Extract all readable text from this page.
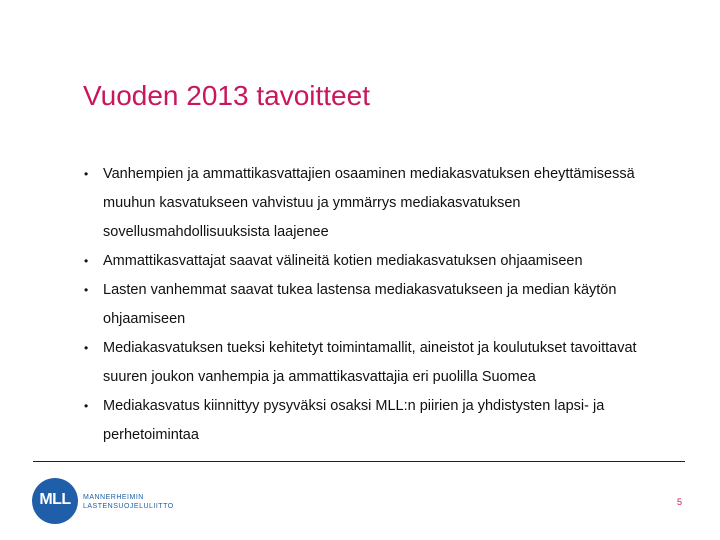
Vuoden 2013 tavoitteet
• Vanhempien ja ammattikasvattajien osaaminen mediakasvatuksen eheyttämisessä muuhun kasvatukseen vahvistuu ja ymmärrys mediakasvatuksen sovellusmahdollisuuksista laajenee
• Ammattikasvattajat saavat välineitä kotien mediakasvatuksen ohjaamiseen
• Lasten vanhemmat saavat tukea lastensa mediakasvatukseen ja median käytön ohjaamiseen
• Mediakasvatuksen tueksi kehitetyt toimintamallit, aineistot ja koulutukset tavoittavat suuren joukon vanhempia ja ammattikasvattajia eri puolilla Suomea
• Mediakasvatus kiinnittyy pysyväksi osaksi MLL:n piirien ja yhdistysten lapsi- ja perhetoimintaa
MLL	MANNERHEIMIN
LASTENSUOJELULIITTO	5
